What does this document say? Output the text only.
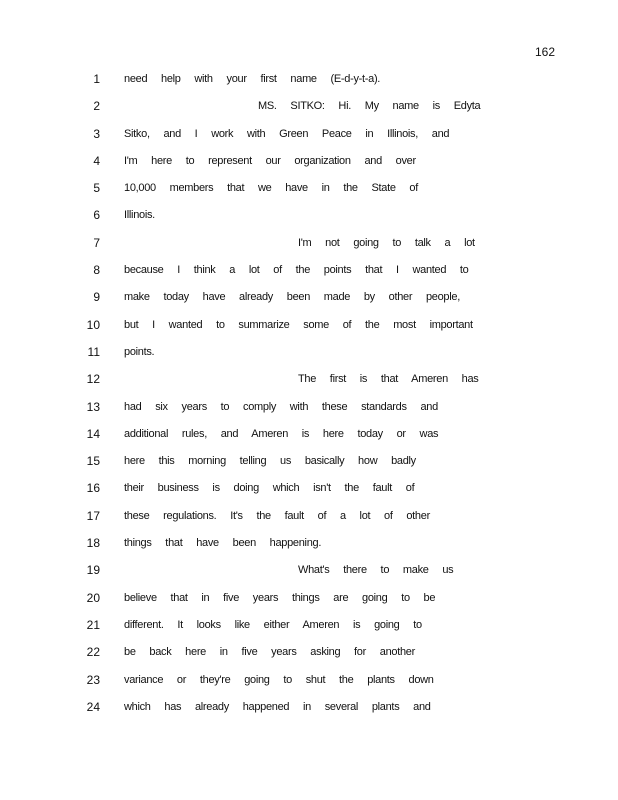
162
1 need help with your first name (E-d-y-t-a).
2	MS. SITKO: Hi. My name is Edyta
3 Sitko, and I work with Green Peace in Illinois, and
4 I'm here to represent our organization and over
5 10,000 members that we have in the State of
6 Illinois.
7	I'm not going to talk a lot
8 because I think a lot of the points that I wanted to
9 make today have already been made by other people,
10 but I wanted to summarize some of the most important
11 points.
12	The first is that Ameren has
13 had six years to comply with these standards and
14 additional rules, and Ameren is here today or was
15 here this morning telling us basically how badly
16 their business is doing which isn't the fault of
17 these regulations. It's the fault of a lot of other
18 things that have been happening.
19	What's there to make us
20 believe that in five years things are going to be
21 different. It looks like either Ameren is going to
22 be back here in five years asking for another
23 variance or they're going to shut the plants down
24 which has already happened in several plants and
